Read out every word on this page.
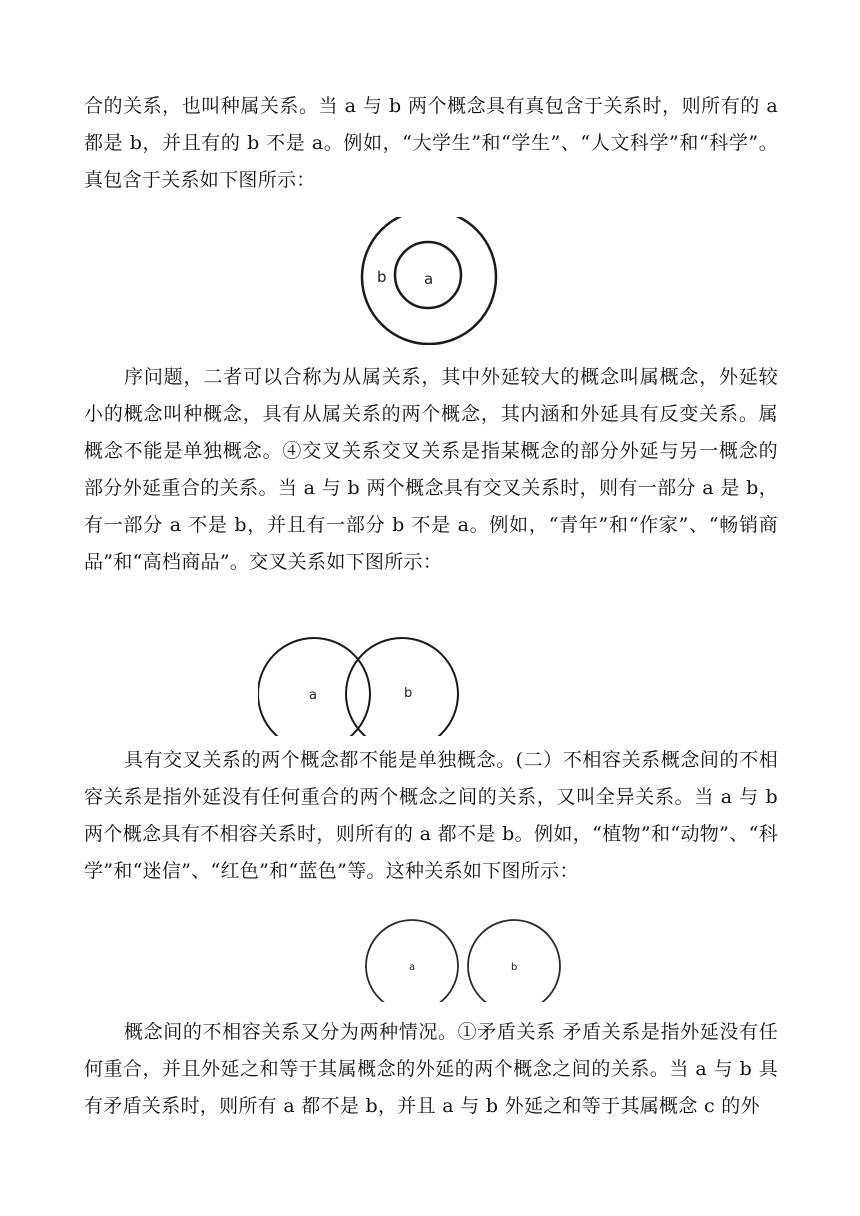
合的关系，也叫种属关系。当 a 与 b 两个概念具有真包含于关系时，则所有的 a 都是 b，并且有的 b 不是 a。例如，“大学生”和“学生”、“人文科学”和“科学”。真包含于关系如下图所示：

b a

序问题，二者可以合称为从属关系，其中外延较大的概念叫属概念，外延较小的概念叫种概念，具有从属关系的两个概念，其内涵和外延具有反变关系。属概念不能是单独概念。④交叉关系交叉关系是指某概念的部分外延与另一概念的部分外延重合的关系。当 a 与 b 两个概念具有交叉关系时，则有一部分 a 是 b，有一部分 a 不是 b，并且有一部分 b 不是 a。例如，“青年”和“作家”、“畅销商品”和“高档商品”。交叉关系如下图所示：

a	b

具有交叉关系的两个概念都不能是单独概念。(二）不相容关系概念间的不相容关系是指外延没有任何重合的两个概念之间的关系，又叫全异关系。当 a 与 b 两个概念具有不相容关系时，则所有的 a 都不是 b。例如，“植物”和“动物”、“科学”和“迷信”、“红色”和“蓝色”等。这种关系如下图所示：

a	b

概念间的不相容关系又分为两种情况。①矛盾关系 矛盾关系是指外延没有任何重合，并且外延之和等于其属概念的外延的两个概念之间的关系。当 a 与 b 具有矛盾关系时，则所有 a 都不是 b，并且 a 与 b 外延之和等于其属概念 c 的外
